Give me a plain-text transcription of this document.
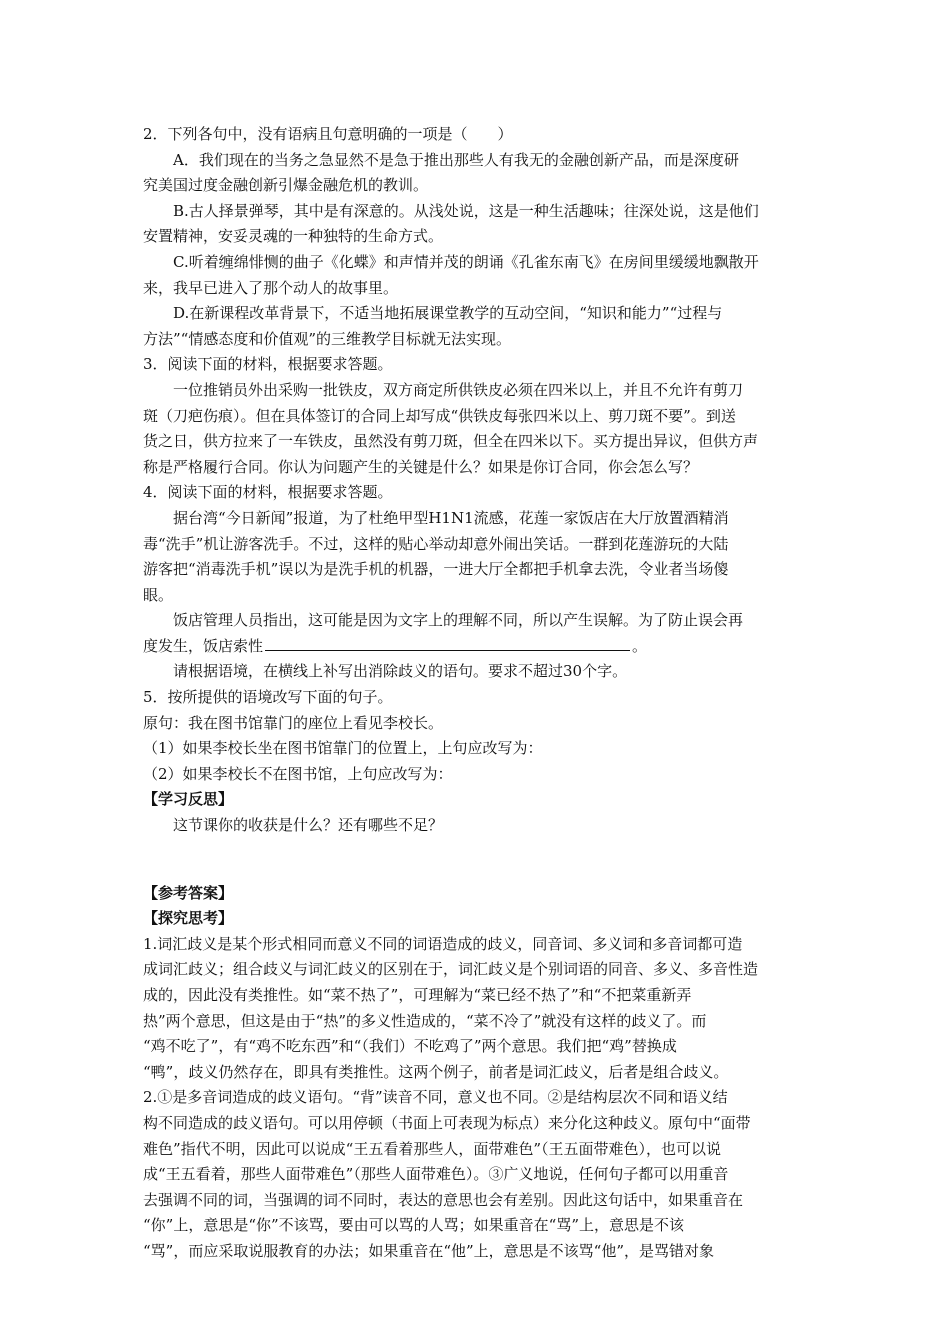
2．下列各句中，没有语病且句意明确的一项是（　　）
A．我们现在的当务之急显然不是急于推出那些人有我无的金融创新产品，而是深度研
究美国过度金融创新引爆金融危机的教训。
B.古人择景弹琴，其中是有深意的。从浅处说，这是一种生活趣味；往深处说，这是他们
安置精神，安妥灵魂的一种独特的生命方式。
C.听着缠绵悱恻的曲子《化蝶》和声情并茂的朗诵《孔雀东南飞》在房间里缓缓地飘散开
来，我早已进入了那个动人的故事里。
D.在新课程改革背景下，不适当地拓展课堂教学的互动空间，“知识和能力”“过程与
方法”“情感态度和价值观”的三维教学目标就无法实现。
3．阅读下面的材料，根据要求答题。
一位推销员外出采购一批铁皮，双方商定所供铁皮必须在四米以上，并且不允许有剪刀
斑（刀疤伤痕）。但在具体签订的合同上却写成“供铁皮每张四米以上、剪刀斑不要”。到送
货之日，供方拉来了一车铁皮，虽然没有剪刀斑，但全在四米以下。买方提出异议，但供方声
称是严格履行合同。你认为问题产生的关键是什么？如果是你订合同，你会怎么写？
4．阅读下面的材料，根据要求答题。
据台湾“今日新闻”报道，为了杜绝甲型H1N1流感，花莲一家饭店在大厅放置酒精消
毒“洗手”机让游客洗手。不过，这样的贴心举动却意外闹出笑话。一群到花莲游玩的大陆
游客把“消毒洗手机”误以为是洗手机的机器，一进大厅全都把手机拿去洗，令业者当场傻
眼。
饭店管理人员指出，这可能是因为文字上的理解不同，所以产生误解。为了防止误会再
度发生，饭店索性	。
请根据语境，在横线上补写出消除歧义的语句。要求不超过30个字。
5．按所提供的语境改写下面的句子。
原句：我在图书馆靠门的座位上看见李校长。
（1）如果李校长坐在图书馆靠门的位置上，上句应改写为：
（2）如果李校长不在图书馆，上句应改写为：
【学习反思】
这节课你的收获是什么？还有哪些不足？
【参考答案】
【探究思考】
1.词汇歧义是某个形式相同而意义不同的词语造成的歧义，同音词、多义词和多音词都可造
成词汇歧义；组合歧义与词汇歧义的区别在于，词汇歧义是个别词语的同音、多义、多音性造
成的，因此没有类推性。如“菜不热了”，可理解为“菜已经不热了”和“不把菜重新弄
热”两个意思，但这是由于“热”的多义性造成的，“菜不冷了”就没有这样的歧义了。而
“鸡不吃了”，有“鸡不吃东西”和“（我们）不吃鸡了”两个意思。我们把“鸡”替换成
“鸭”，歧义仍然存在，即具有类推性。这两个例子，前者是词汇歧义，后者是组合歧义。
2.①是多音词造成的歧义语句。“背”读音不同，意义也不同。②是结构层次不同和语义结
构不同造成的歧义语句。可以用停顿（书面上可表现为标点）来分化这种歧义。原句中“面带
难色”指代不明，因此可以说成“王五看着那些人，面带难色”（王五面带难色），也可以说
成“王五看着，那些人面带难色”（那些人面带难色）。③广义地说，任何句子都可以用重音
去强调不同的词，当强调的词不同时，表达的意思也会有差别。因此这句话中，如果重音在
“你”上，意思是“你”不该骂，要由可以骂的人骂；如果重音在“骂”上，意思是不该
“骂”，而应采取说服教育的办法；如果重音在“他”上，意思是不该骂“他”，是骂错对象
